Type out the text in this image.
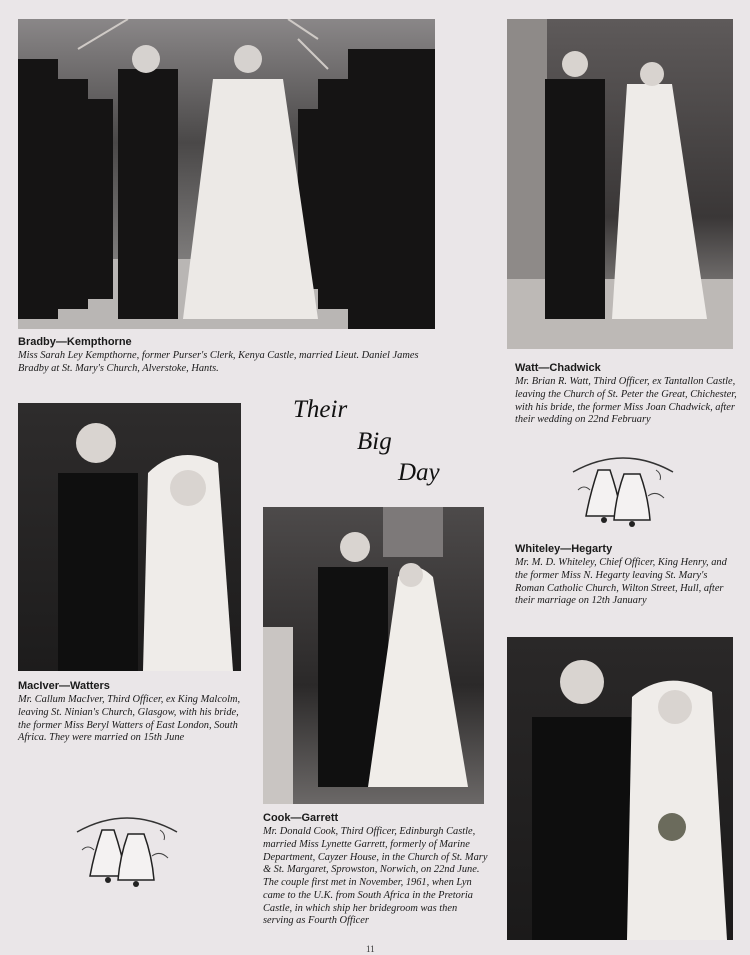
Bradby—Kempthorne
Miss Sarah Ley Kempthorne, former Purser's Clerk, Kenya Castle, married Lieut. Daniel James Bradby at St. Mary's Church, Alverstoke, Hants.	Watt—Chadwick
Mr. Brian R. Watt, Third Officer, ex Tantallon Castle, leaving the Church of St. Peter the Great, Chichester, with his bride, the former Miss Joan Chadwick, after their wedding on 22nd February
Their
Big
Day
Whiteley—Hegarty
Mr. M. D. Whiteley, Chief Officer, King Henry, and the former Miss N. Hegarty leaving St. Mary's Roman Catholic Church, Wilton Street, Hull, after their marriage on 12th January
MacIver—Watters
Mr. Callum MacIver, Third Officer, ex King Malcolm, leaving St. Ninian's Church, Glasgow, with his bride, the former Miss Beryl Watters of East London, South Africa. They were married on 15th June
Cook—Garrett
Mr. Donald Cook, Third Officer, Edinburgh Castle, married Miss Lynette Garrett, formerly of Marine Department, Cayzer House, in the Church of St. Mary & St. Margaret, Sprowston, Norwich, on 22nd June. The couple first met in November, 1961, when Lyn came to the U.K. from South Africa in the Pretoria Castle, in which ship her bridegroom was then serving as Fourth Officer
11
